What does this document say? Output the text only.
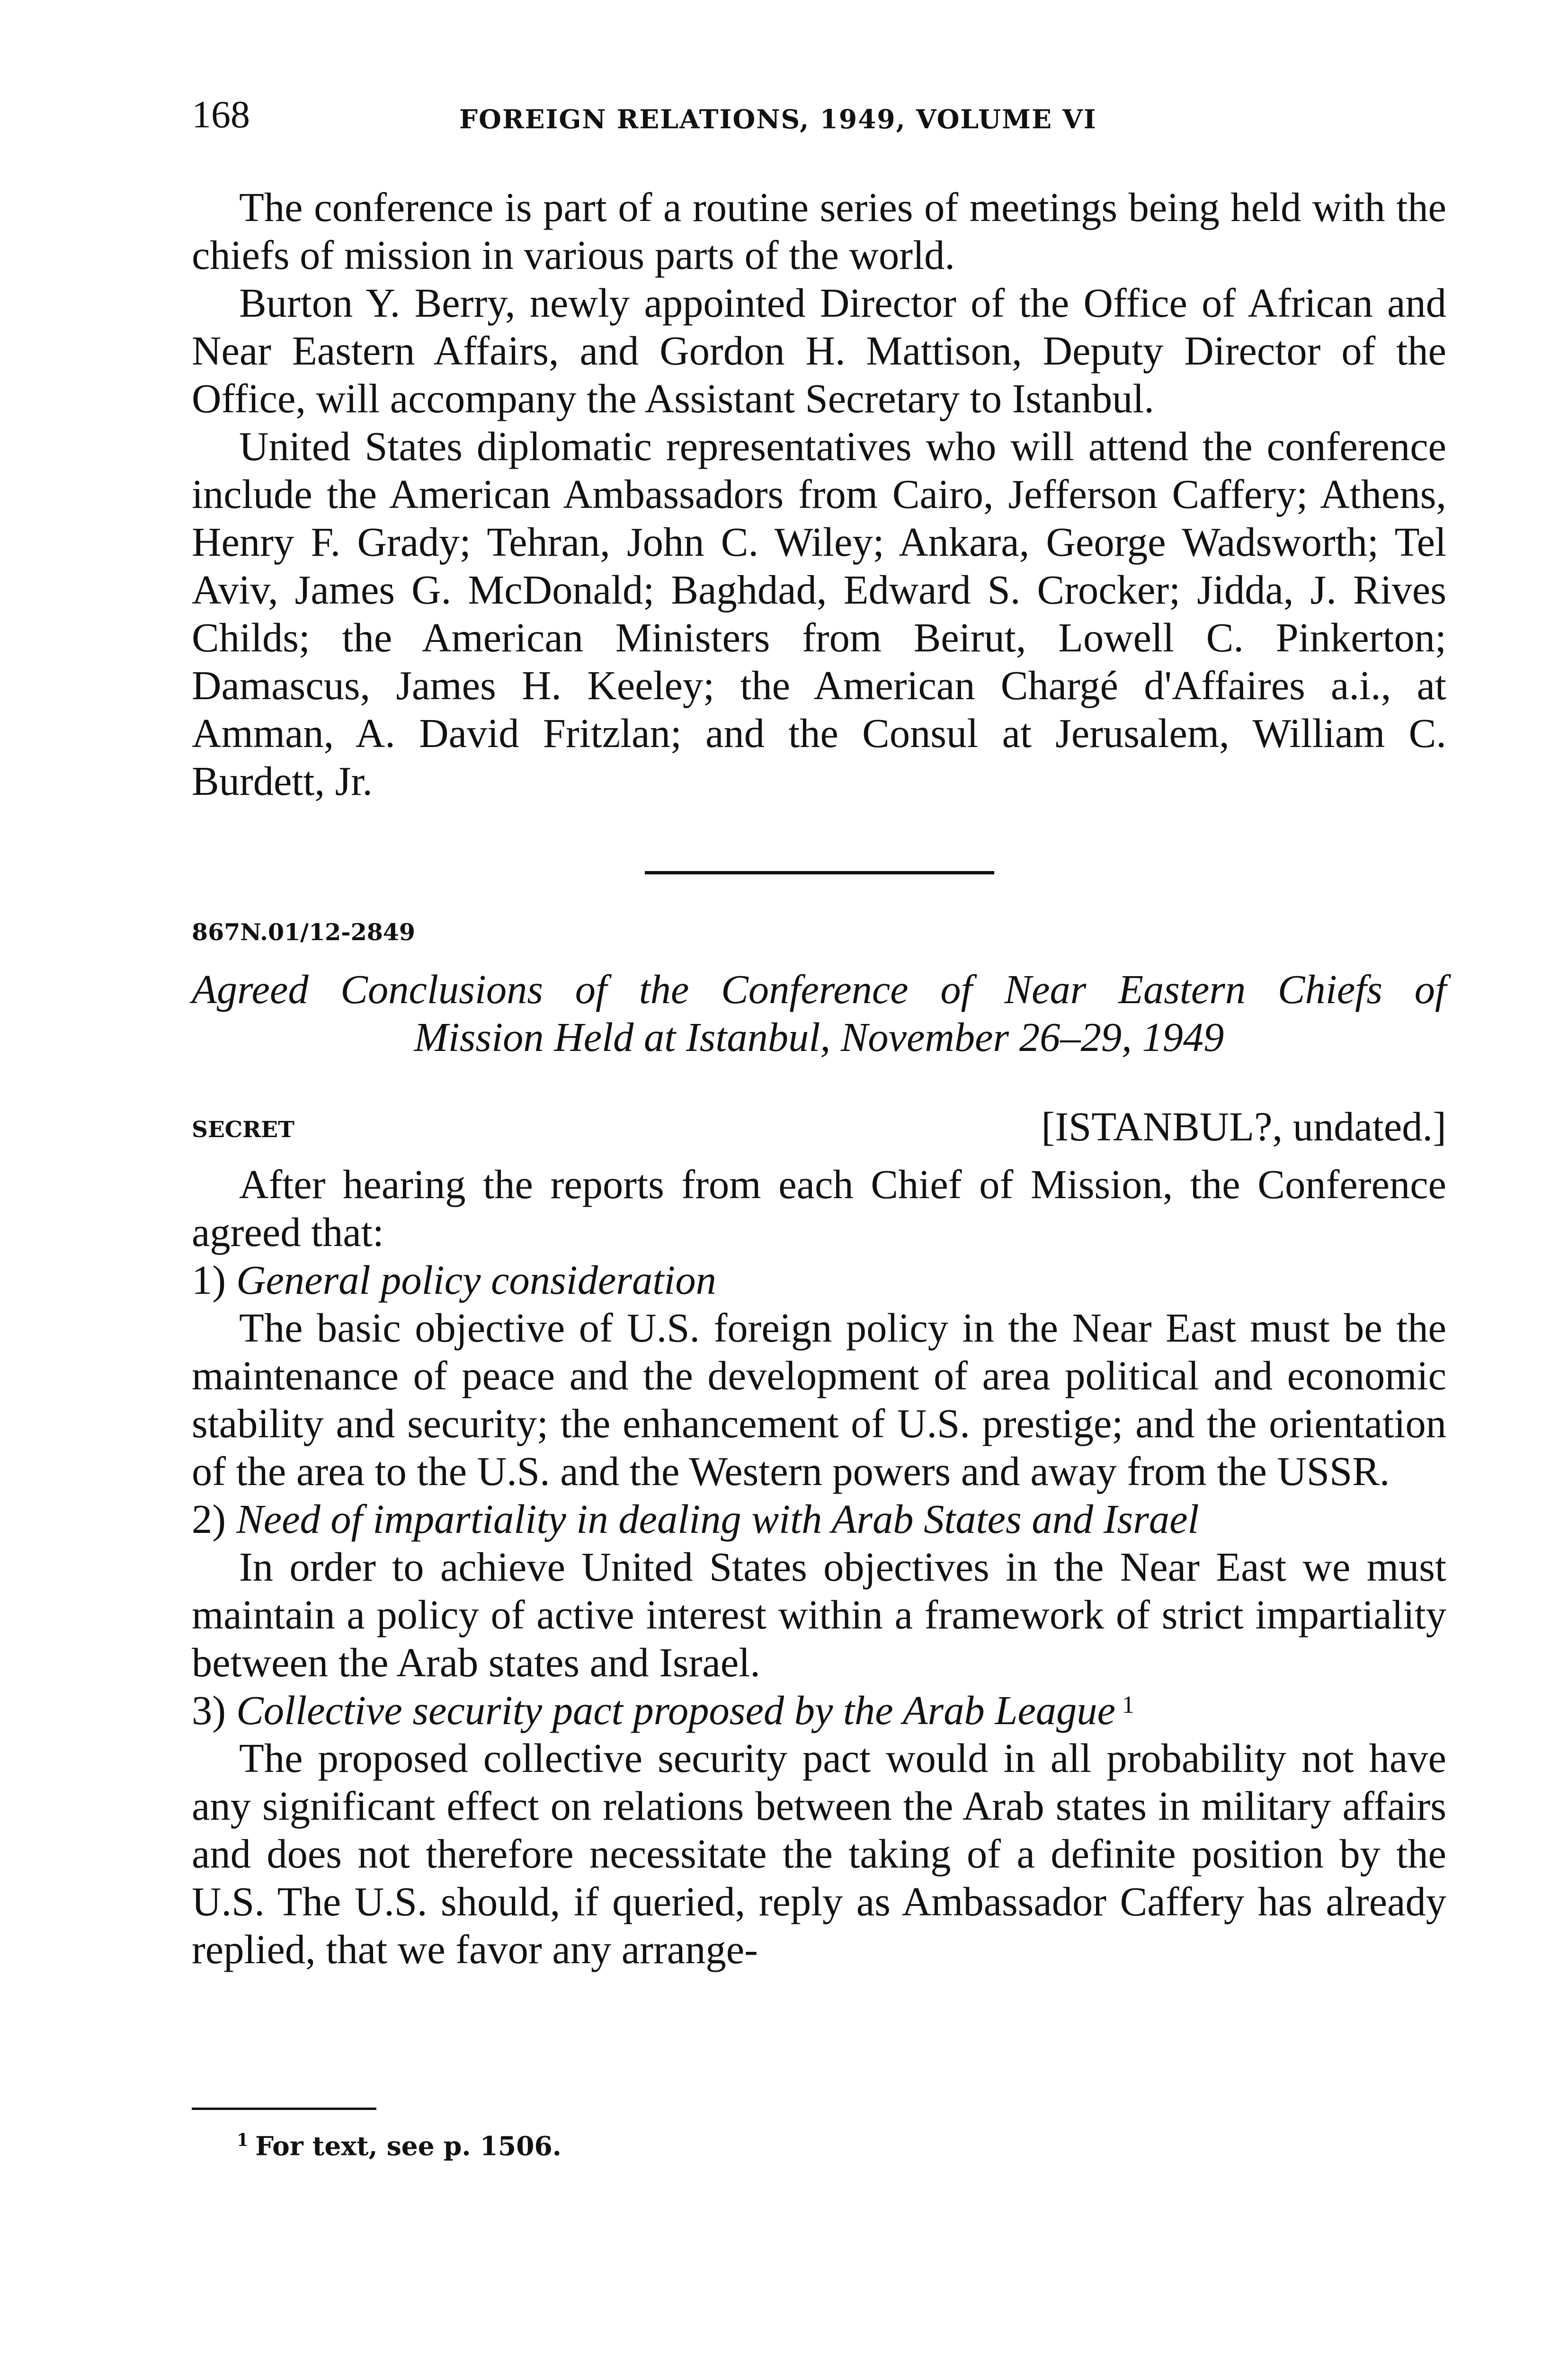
168	FOREIGN RELATIONS, 1949, VOLUME VI

The conference is part of a routine series of meetings being held with the chiefs of mission in various parts of the world.

Burton Y. Berry, newly appointed Director of the Office of African and Near Eastern Affairs, and Gordon H. Mattison, Deputy Director of the Office, will accompany the Assistant Secretary to Istanbul.

United States diplomatic representatives who will attend the conference include the American Ambassadors from Cairo, Jefferson Caffery; Athens, Henry F. Grady; Tehran, John C. Wiley; Ankara, George Wadsworth; Tel Aviv, James G. McDonald; Baghdad, Edward S. Crocker; Jidda, J. Rives Childs; the American Ministers from Beirut, Lowell C. Pinkerton; Damascus, James H. Keeley; the American Chargé d'Affaires a.i., at Amman, A. David Fritzlan; and the Consul at Jerusalem, William C. Burdett, Jr.

867N.01/12-2849
Agreed Conclusions of the Conference of Near Eastern Chiefs of
Mission Held at Istanbul, November 26–29, 1949
SECRET	[ISTANBUL?, undated.]

After hearing the reports from each Chief of Mission, the Conference agreed that:

1) General policy consideration

The basic objective of U.S. foreign policy in the Near East must be the maintenance of peace and the development of area political and economic stability and security; the enhancement of U.S. prestige; and the orientation of the area to the U.S. and the Western powers and away from the USSR.

2) Need of impartiality in dealing with Arab States and Israel

In order to achieve United States objectives in the Near East we must maintain a policy of active interest within a framework of strict impartiality between the Arab states and Israel.

3) Collective security pact proposed by the Arab League $^1$

The proposed collective security pact would in all probability not have any significant effect on relations between the Arab states in military affairs and does not therefore necessitate the taking of a definite position by the U.S. The U.S. should, if queried, reply as Ambassador Caffery has already replied, that we favor any arrange-

$^1$ For text, see p. 1506.
